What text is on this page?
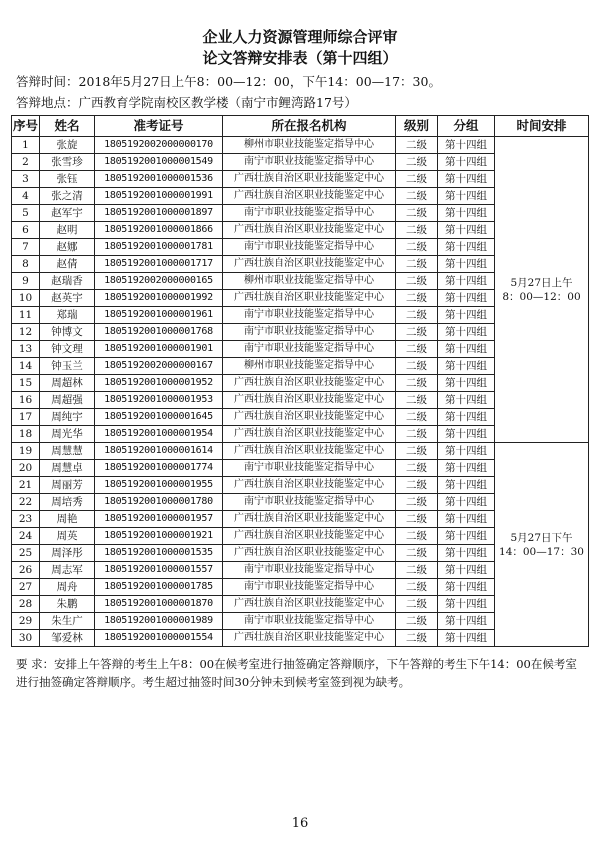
企业人力资源管理师综合评审
论文答辩安排表（第十四组）
答辩时间：2018年5月27日上午8：00—12：00，下午14：00—17：30。
答辩地点：广西教育学院南校区教学楼（南宁市鲤湾路17号）
序号	姓名	准考证号	所在报名机构	级别	分组	时间安排
1	张旋	1805192002000000170	柳州市职业技能鉴定指导中心	二级	第十四组	5月27日上午
8：00—12：00

2	张雪珍	1805192001000001549	南宁市职业技能鉴定指导中心	二级	第十四组	
3	张钰	1805192001000001536	广西壮族自治区职业技能鉴定中心	二级	第十四组	
4	张之清	1805192001000001991	广西壮族自治区职业技能鉴定中心	二级	第十四组	
5	赵军宇	1805192001000001897	南宁市职业技能鉴定指导中心	二级	第十四组	
6	赵明	1805192001000001866	广西壮族自治区职业技能鉴定中心	二级	第十四组	
7	赵娜	1805192001000001781	南宁市职业技能鉴定指导中心	二级	第十四组	
8	赵倩	1805192001000001717	广西壮族自治区职业技能鉴定中心	二级	第十四组	
9	赵瑞香	1805192002000000165	柳州市职业技能鉴定指导中心	二级	第十四组	
10	赵英宇	1805192001000001992	广西壮族自治区职业技能鉴定中心	二级	第十四组	
11	郑瑞	1805192001000001961	南宁市职业技能鉴定指导中心	二级	第十四组	
12	钟博文	1805192001000001768	南宁市职业技能鉴定指导中心	二级	第十四组	
13	钟文理	1805192001000001901	南宁市职业技能鉴定指导中心	二级	第十四组	
14	钟玉兰	1805192002000000167	柳州市职业技能鉴定指导中心	二级	第十四组	
15	周超林	1805192001000001952	广西壮族自治区职业技能鉴定中心	二级	第十四组	
16	周超强	1805192001000001953	广西壮族自治区职业技能鉴定中心	二级	第十四组	
17	周纯宇	1805192001000001645	广西壮族自治区职业技能鉴定中心	二级	第十四组	
18	周光华	1805192001000001954	广西壮族自治区职业技能鉴定中心	二级	第十四组	
19	周慧慧	1805192001000001614	广西壮族自治区职业技能鉴定中心	二级	第十四组	5月27日下午
14：00—17：30

20	周慧卓	1805192001000001774	南宁市职业技能鉴定指导中心	二级	第十四组	
21	周丽芳	1805192001000001955	广西壮族自治区职业技能鉴定中心	二级	第十四组	
22	周培秀	1805192001000001780	南宁市职业技能鉴定指导中心	二级	第十四组	
23	周艳	1805192001000001957	广西壮族自治区职业技能鉴定中心	二级	第十四组	
24	周英	1805192001000001921	广西壮族自治区职业技能鉴定中心	二级	第十四组	
25	周泽彤	1805192001000001535	广西壮族自治区职业技能鉴定中心	二级	第十四组	
26	周志军	1805192001000001557	南宁市职业技能鉴定指导中心	二级	第十四组	
27	周舟	1805192001000001785	南宁市职业技能鉴定指导中心	二级	第十四组	
28	朱鹏	1805192001000001870	广西壮族自治区职业技能鉴定中心	二级	第十四组	
29	朱生广	1805192001000001989	南宁市职业技能鉴定指导中心	二级	第十四组	
30	邹爱林	1805192001000001554	广西壮族自治区职业技能鉴定中心	二级	第十四组	
要 求：安排上午答辩的考生上午8：00在候考室进行抽签确定答辩顺序，下午答辩的考生下午14：00在候考室进行抽签确定答辩顺序。考生超过抽签时间30分钟未到候考室签到视为缺考。
16
